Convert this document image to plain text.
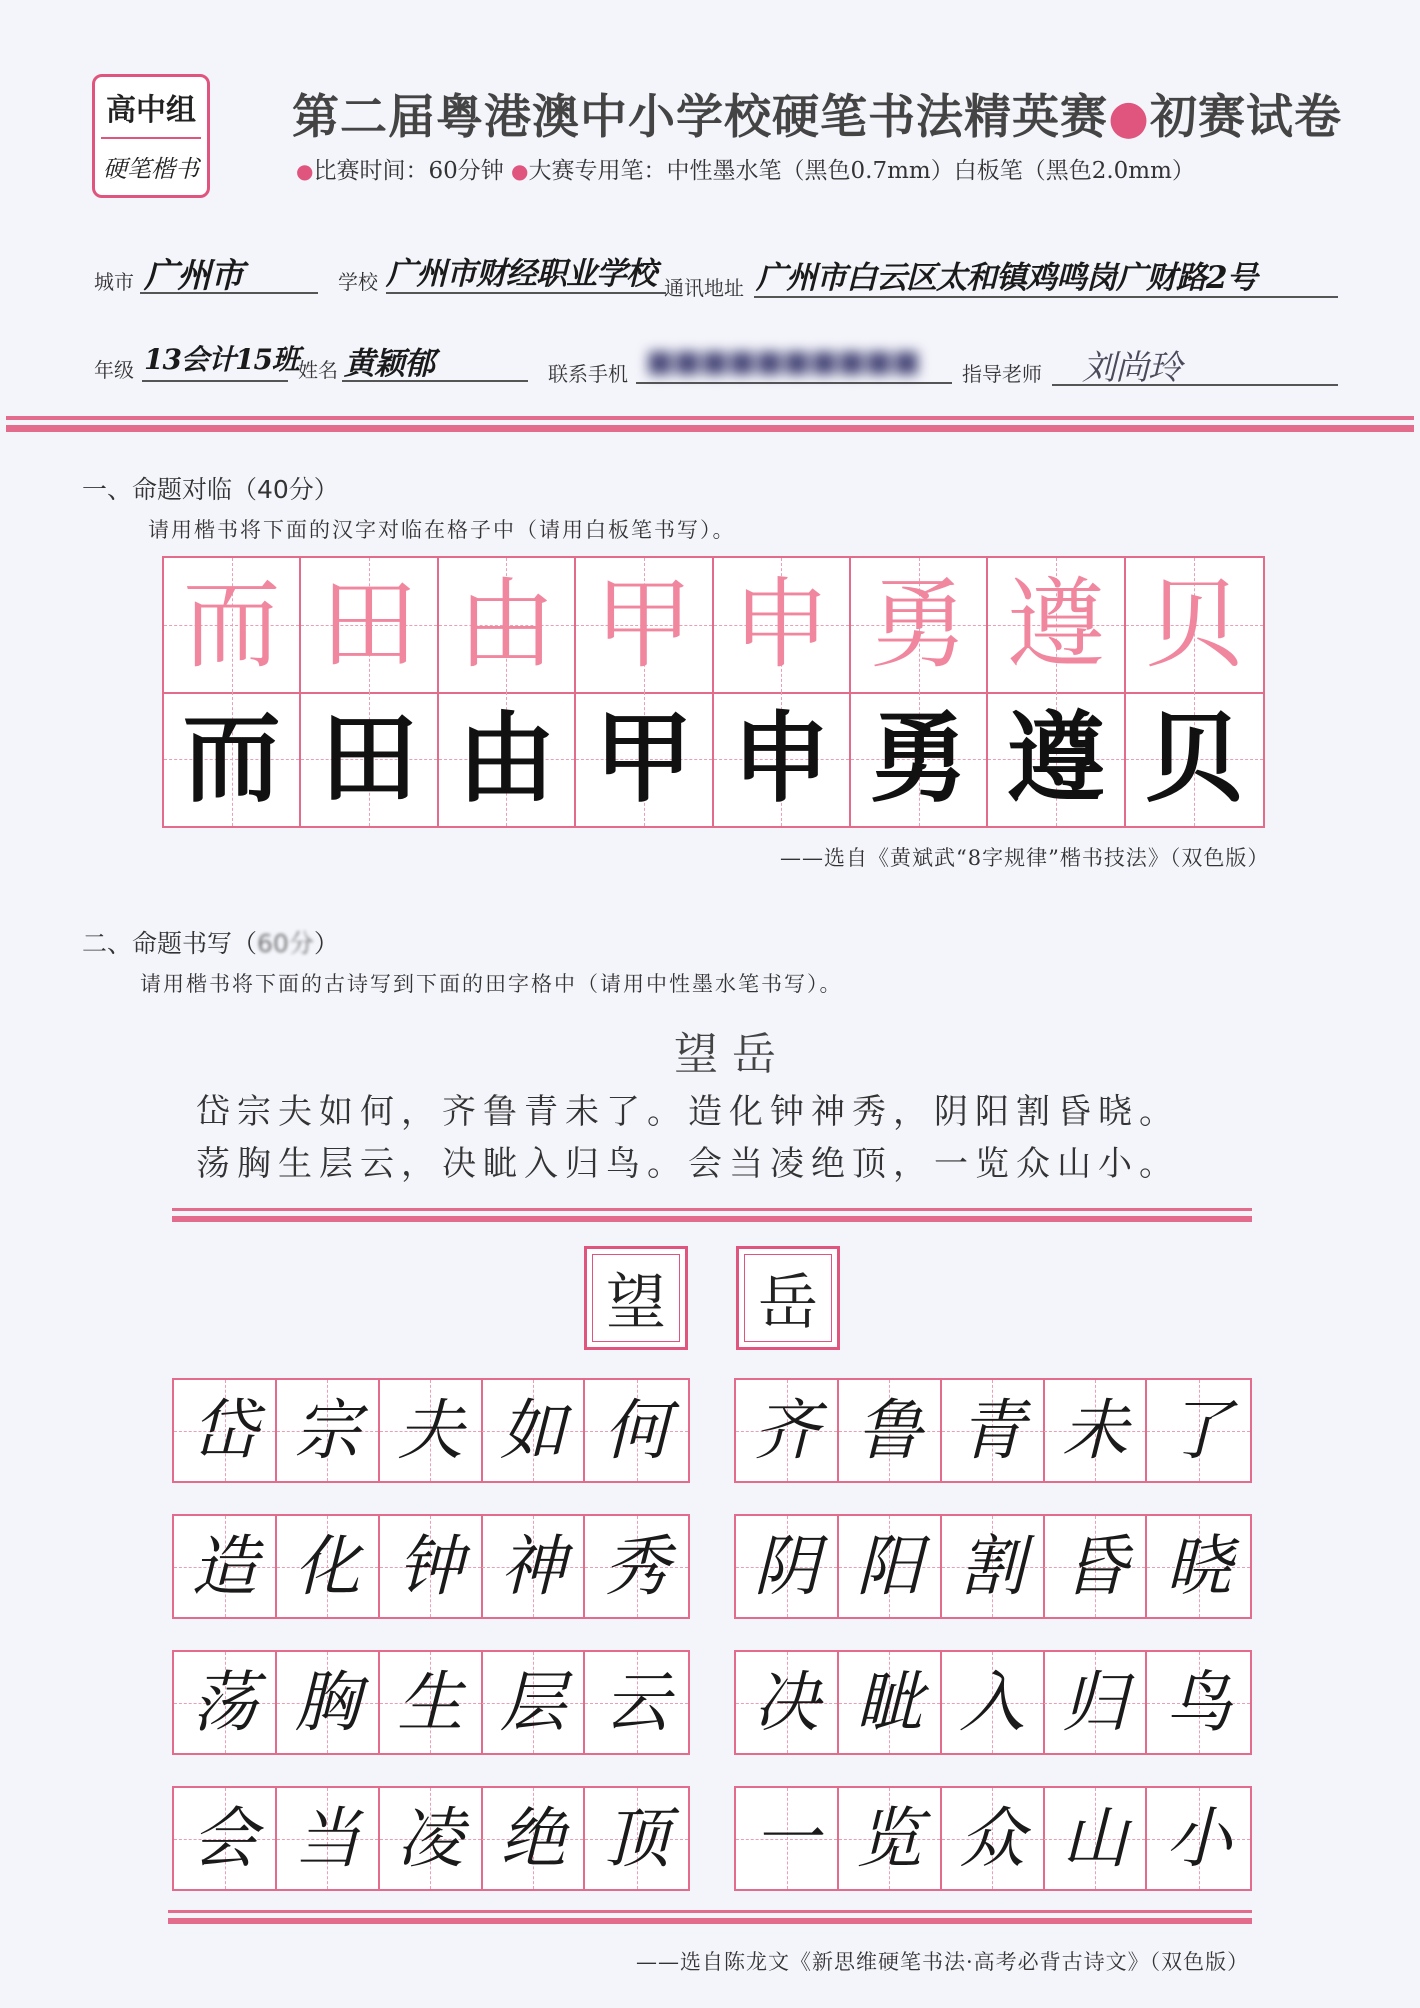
高中组
硬笔楷书
第二届粤港澳中小学校硬笔书法精英赛●初赛试卷
●比赛时间：60分钟 ●大赛专用笔：中性墨水笔（黑色0.7mm）白板笔（黑色2.0mm）
城市 广州市	学校 广州市财经职业学校 通讯地址 广州市白云区太和镇鸡鸣岗广财路2号
年级 13会计15班 姓名 黄颖郁	联系手机 ■■■■■■■■■■ 指导老师 刘尚玲
一、命题对临（40分）
请用楷书将下面的汉字对临在格子中（请用白板笔书写）。
而 田 由 甲 申 勇 遵 贝
而 田 由 甲 申 勇 遵 贝
——选自《黄斌武“8字规律”楷书技法》（双色版）
二、命题书写（60分）
请用楷书将下面的古诗写到下面的田字格中（请用中性墨水笔书写）。
望岳
岱宗夫如何，齐鲁青未了。造化钟神秀，阴阳割昏晓。
荡胸生层云，决眦入归鸟。会当凌绝顶，一览众山小。
望	岳
岱 宗 夫 如 何 齐 鲁 青 未 了
造 化 钟 神 秀 阴 阳 割 昏 晓
荡 胸 生 层 云 决 眦 入 归 鸟
会 当 凌 绝 顶 一 览 众 山 小
——选自陈龙文《新思维硬笔书法·高考必背古诗文》（双色版）
